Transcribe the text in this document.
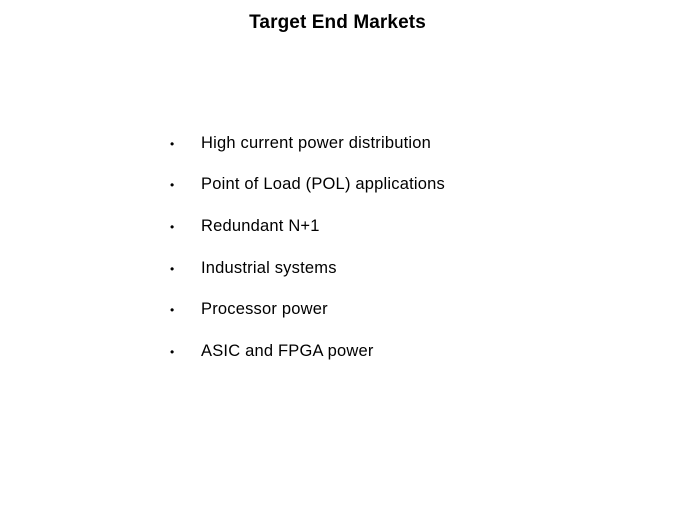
Target End Markets
•	High current power distribution
•	Point of Load (POL) applications
•	Redundant N+1
•	Industrial systems
•	Processor power
•	ASIC and FPGA power
